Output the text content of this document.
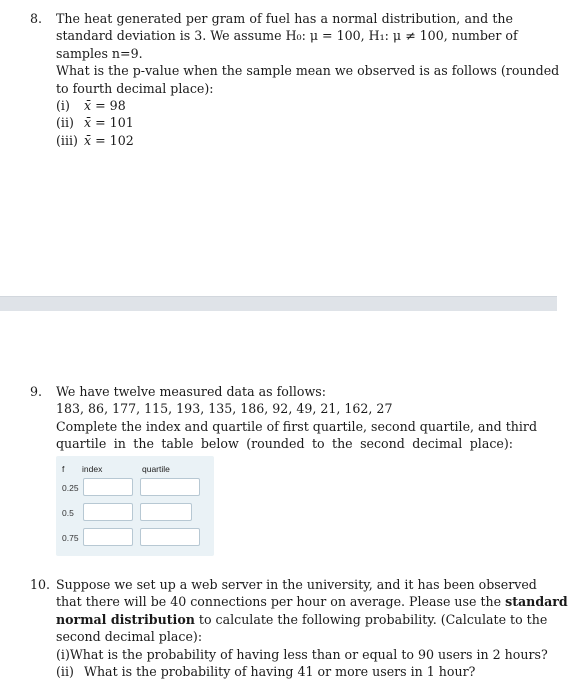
8. The heat generated per gram of fuel has a normal distribution, and the
standard deviation is 3. We assume H₀: μ = 100, H₁: μ ≠ 100, number of
samples n=9.
What is the p-value when the sample mean we observed is as follows (rounded
to fourth decimal place):
(i)	x̄
= 98
(ii) x̄
= 101
(iii) x̄
= 102
9. We have twelve measured data as follows:
183, 86, 177, 115, 193, 135, 186, 92, 49, 21, 162, 27
Complete the index and quartile of first quartile, second quartile, and third
quartile in the table below (rounded to the second decimal place):
f index	quartile
0.25
0.5
0.75
10. Suppose we set up a web server in the university, and it has been observed
that there will be 40 connections per hour on average. Please use the standard
normal distribution to calculate the following probability. (Calculate to the
second decimal place):
(i) What is the probability of having less than or equal to 90 users in 2 hours?
(ii) What is the probability of having 41 or more users in 1 hour?
